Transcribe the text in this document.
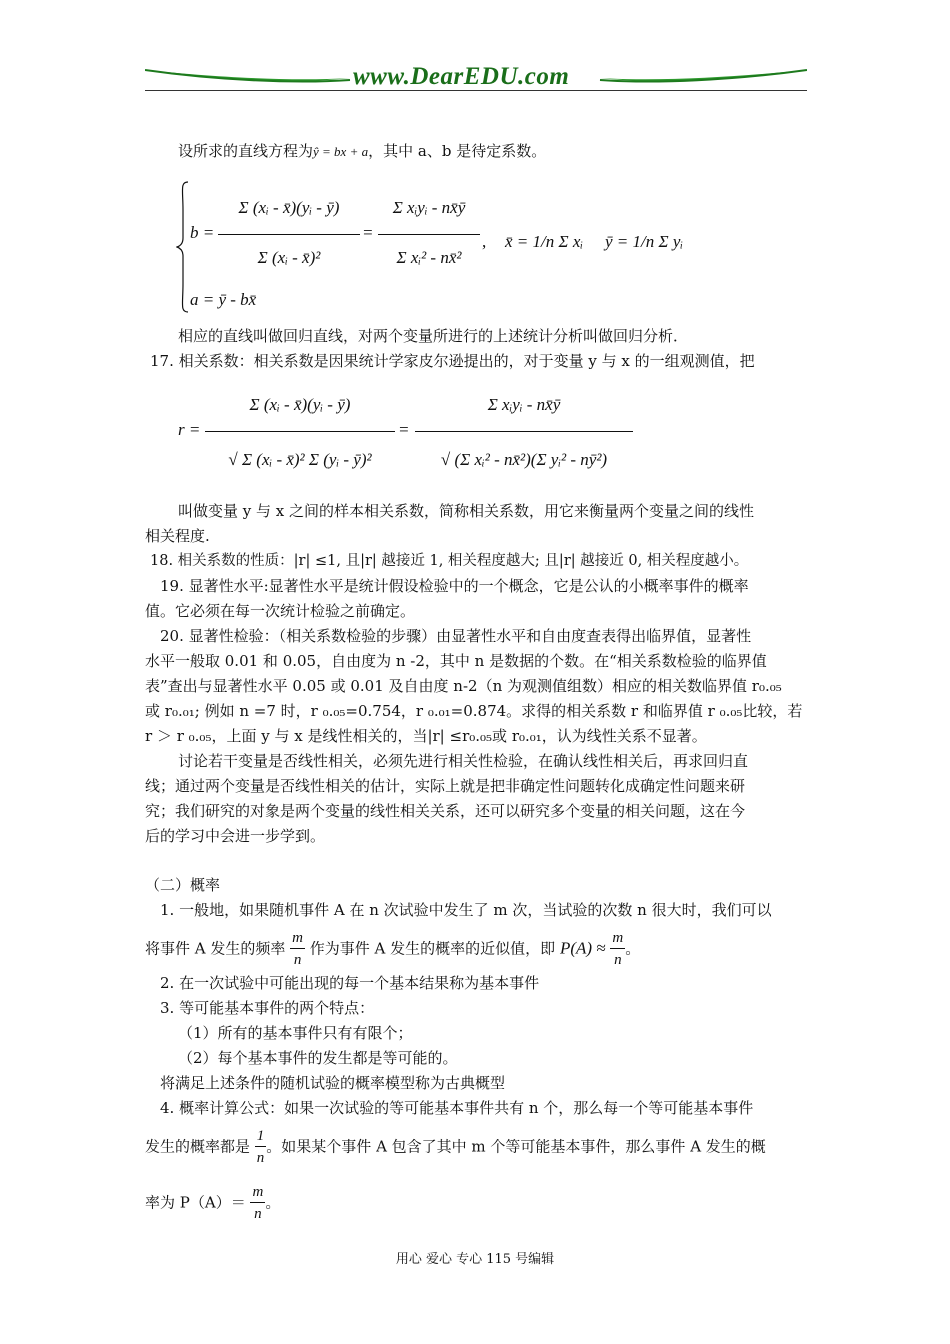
www.DearEDU.com
设所求的直线方程为ŷ = bx + a，其中 a、b 是待定系数。
b =
Σ (xᵢ - x̄)(yᵢ - ȳ)
Σ (xᵢ - x̄)²
=
Σ xᵢyᵢ - nx̄ȳ
Σ xᵢ² - nx̄²
, x̄ = 1/n Σ xᵢ ȳ = 1/n Σ yᵢ
a = ȳ - bx̄
相应的直线叫做回归直线，对两个变量所进行的上述统计分析叫做回归分析．
17. 相关系数：相关系数是因果统计学家皮尔逊提出的，对于变量 y 与 x 的一组观测值，把
r =
Σ (xᵢ - x̄)(yᵢ - ȳ)
√ Σ (xᵢ - x̄)² Σ (yᵢ - ȳ)²
=
Σ xᵢyᵢ - nx̄ȳ
√ (Σ xᵢ² - nx̄²)(Σ yᵢ² - nȳ²)
叫做变量 y 与 x 之间的样本相关系数，简称相关系数，用它来衡量两个变量之间的线性
相关程度.
18. 相关系数的性质：|r| ≤1, 且|r| 越接近 1, 相关程度越大; 且|r| 越接近 0, 相关程度越小。
19. 显著性水平:显著性水平是统计假设检验中的一个概念，它是公认的小概率事件的概率
值。它必须在每一次统计检验之前确定。
20. 显著性检验：（相关系数检验的步骤）由显著性水平和自由度查表得出临界值，显著性
水平一般取 0.01 和 0.05，自由度为 n -2，其中 n 是数据的个数。在“相关系数检验的临界值
表”查出与显著性水平 0.05 或 0.01 及自由度 n-2（n 为观测值组数）相应的相关数临界值 r₀.₀₅
或 r₀.₀₁; 例如 n =7 时，r ₀.₀₅=0.754，r ₀.₀₁=0.874。求得的相关系数 r 和临界值 r ₀.₀₅比较，若
r ＞ r ₀.₀₅，上面 y 与 x 是线性相关的，当|r| ≤r₀.₀₅或 r₀.₀₁，认为线性关系不显著。
讨论若干变量是否线性相关，必须先进行相关性检验，在确认线性相关后，再求回归直
线；通过两个变量是否线性相关的估计，实际上就是把非确定性问题转化成确定性问题来研
究；我们研究的对象是两个变量的线性相关关系，还可以研究多个变量的相关问题，这在今
后的学习中会进一步学到。
（二）概率
1. 一般地，如果随机事件 A 在 n 次试验中发生了 m 次，当试验的次数 n 很大时，我们可以
将事件 A 发生的频率 $\frac{m}{n}$ 作为事件 A 发生的概率的近似值，即 $P(A) \approx \frac{m}{n}$ 。
2. 在一次试验中可能出现的每一个基本结果称为基本事件
3. 等可能基本事件的两个特点：
（1）所有的基本事件只有有限个；
（2）每个基本事件的发生都是等可能的。
将满足上述条件的随机试验的概率模型称为古典概型
4. 概率计算公式：如果一次试验的等可能基本事件共有 n 个，那么每一个等可能基本事件
发生的概率都是 $\frac{1}{n}$ 。如果某个事件 A 包含了其中 m 个等可能基本事件，那么事件 A 发生的概
率为 $P(A)= \frac{m}{n}$ 。
用心 爱心 专心 115 号编辑
